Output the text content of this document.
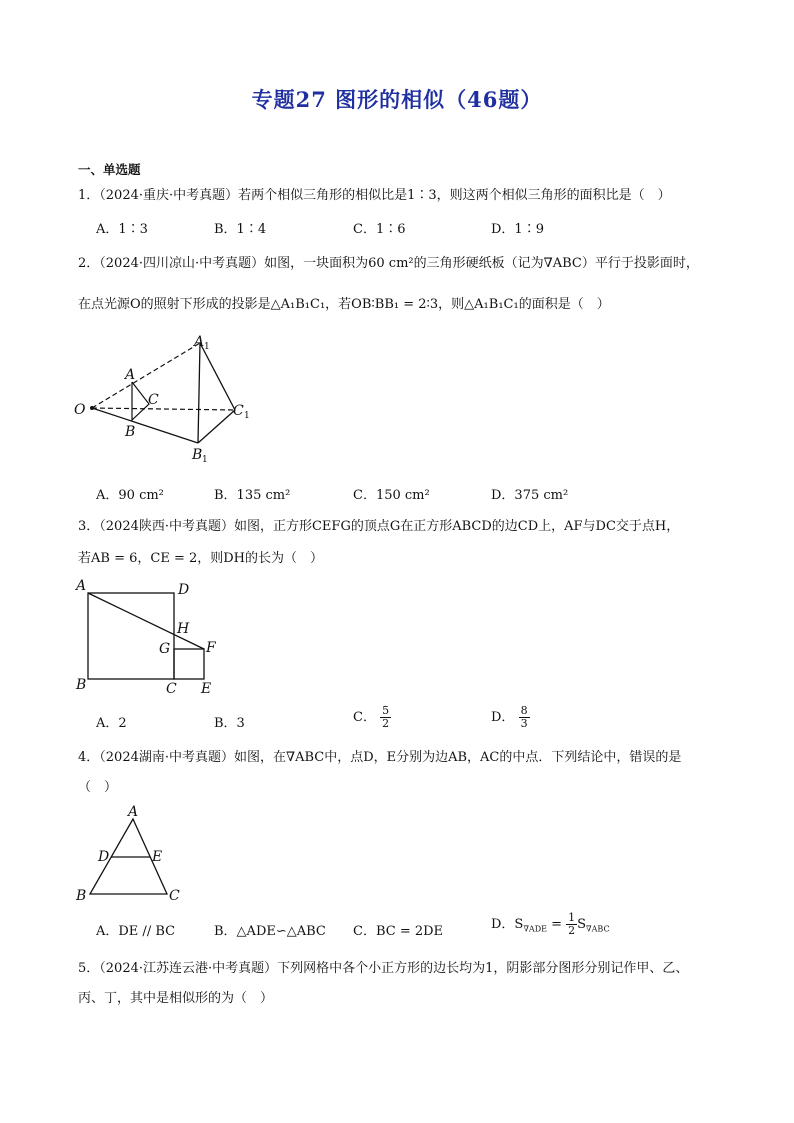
专题27 图形的相似（46题）
一、单选题
1．（2024·重庆·中考真题）若两个相似三角形的相似比是1∶3，则这两个相似三角形的面积比是（　）
A．1∶3	B．1∶4	C．1∶6	D．1∶9
2．（2024·四川凉山·中考真题）如图，一块面积为60 cm²的三角形硬纸板（记为∇ABC）平行于投影面时，
在点光源O的照射下形成的投影是△A₁B₁C₁，若OB∶BB₁ = 2∶3，则△A₁B₁C₁的面积是（　）
O
A
B
C
A 1
B 1
C 1
A．90 cm²	B．135 cm²	C．150 cm²	D．375 cm²
3．（2024陕西·中考真题）如图，正方形CEFG的顶点G在正方形ABCD的边CD上，AF与DC交于点H，
若AB = 6，CE = 2，则DH的长为（　）
A	D
B	C E
F
G
H
A．2	B．3	C． $\frac{5}{2}$	D． $\frac{8}{3}$
4．（2024湖南·中考真题）如图，在∇ABC中，点D，E分别为边AB，AC的中点．下列结论中，错误的是
（　）
A
D	E
B	C
A．DE // BC	B．△ADE∽△ABC C．BC = 2DE	D．$S_{\nabla ADE} = \frac{1}{2} S_{\nabla ABC}$
5．（2024·江苏连云港·中考真题）下列网格中各个小正方形的边长均为1，阴影部分图形分别记作甲、乙、
丙、丁，其中是相似形的为（　）
